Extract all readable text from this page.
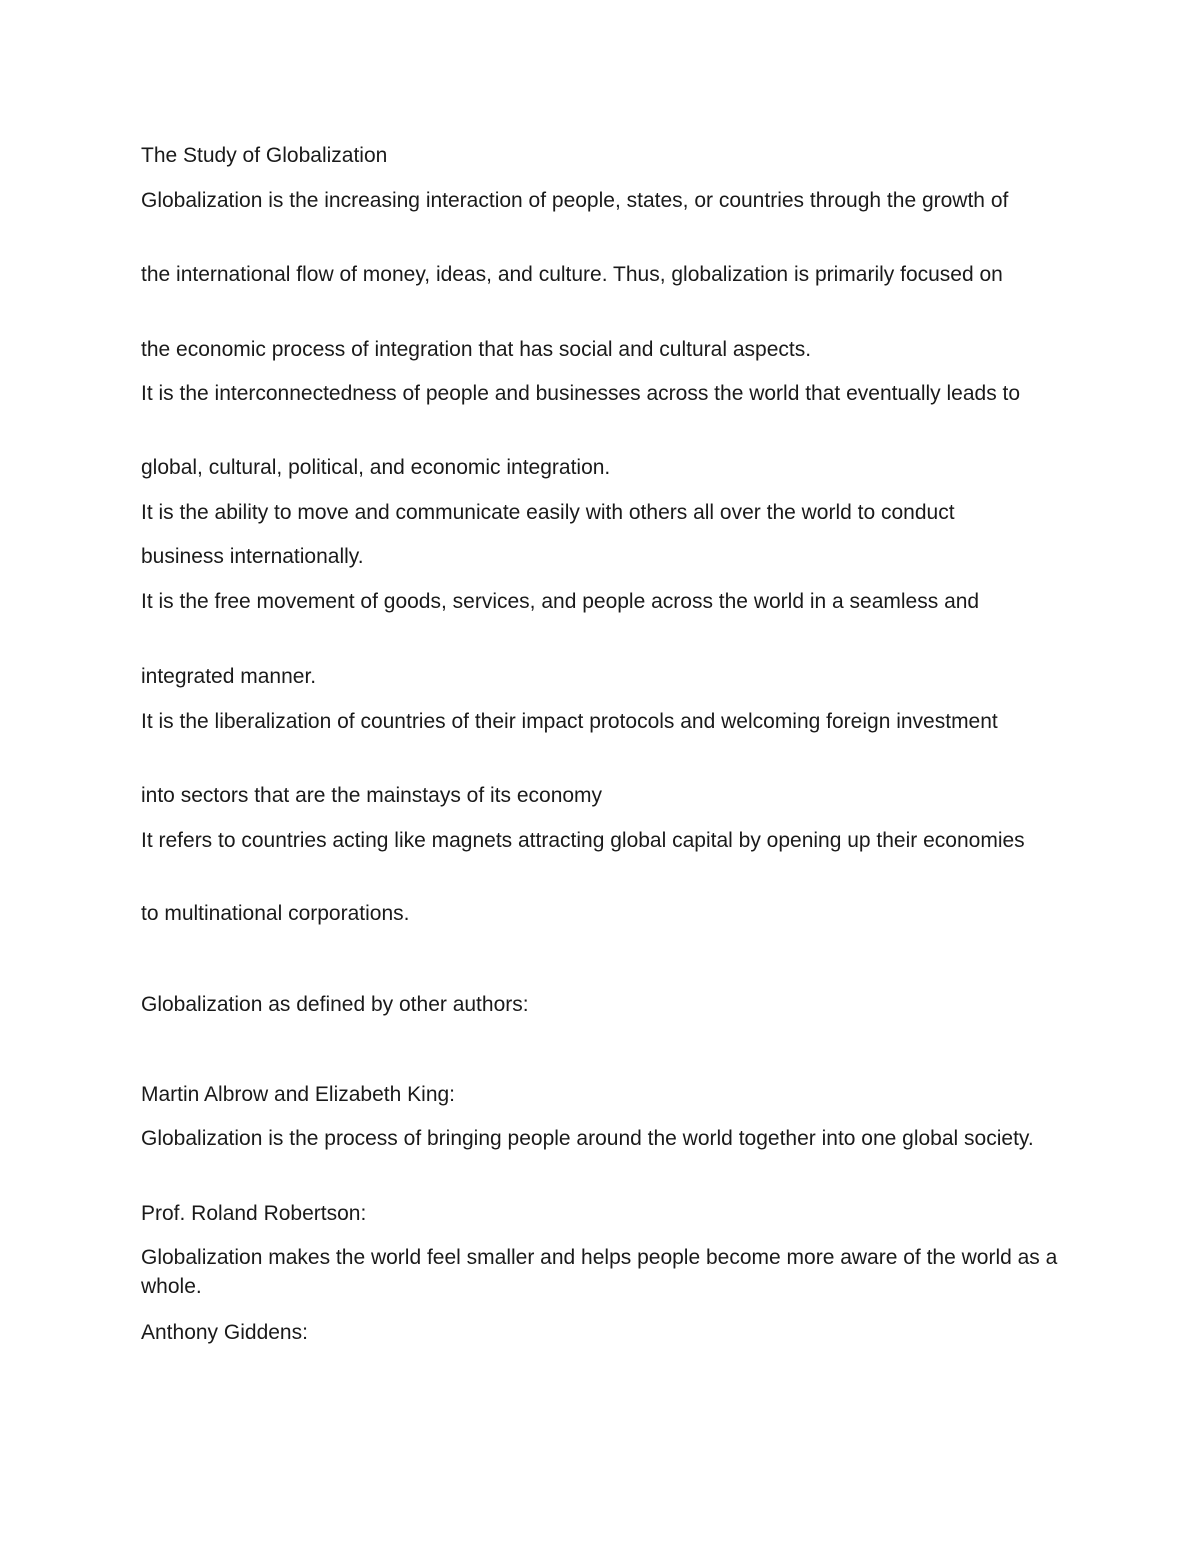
The Study of Globalization
Globalization is the increasing interaction of people, states, or countries through the growth of
the international flow of money, ideas, and culture. Thus, globalization is primarily focused on
the economic process of integration that has social and cultural aspects.
It is the interconnectedness of people and businesses across the world that eventually leads to
global, cultural, political, and economic integration.
It is the ability to move and communicate easily with others all over the world to conduct
business internationally.
It is the free movement of goods, services, and people across the world in a seamless and
integrated manner.
It is the liberalization of countries of their impact protocols and welcoming foreign investment
into sectors that are the mainstays of its economy
It refers to countries acting like magnets attracting global capital by opening up their economies
to multinational corporations.
Globalization as defined by other authors:
Martin Albrow and Elizabeth King:
Globalization is the process of bringing people around the world together into one global society.
Prof. Roland Robertson:
Globalization makes the world feel smaller and helps people become more aware of the world as a whole.
Anthony Giddens:
